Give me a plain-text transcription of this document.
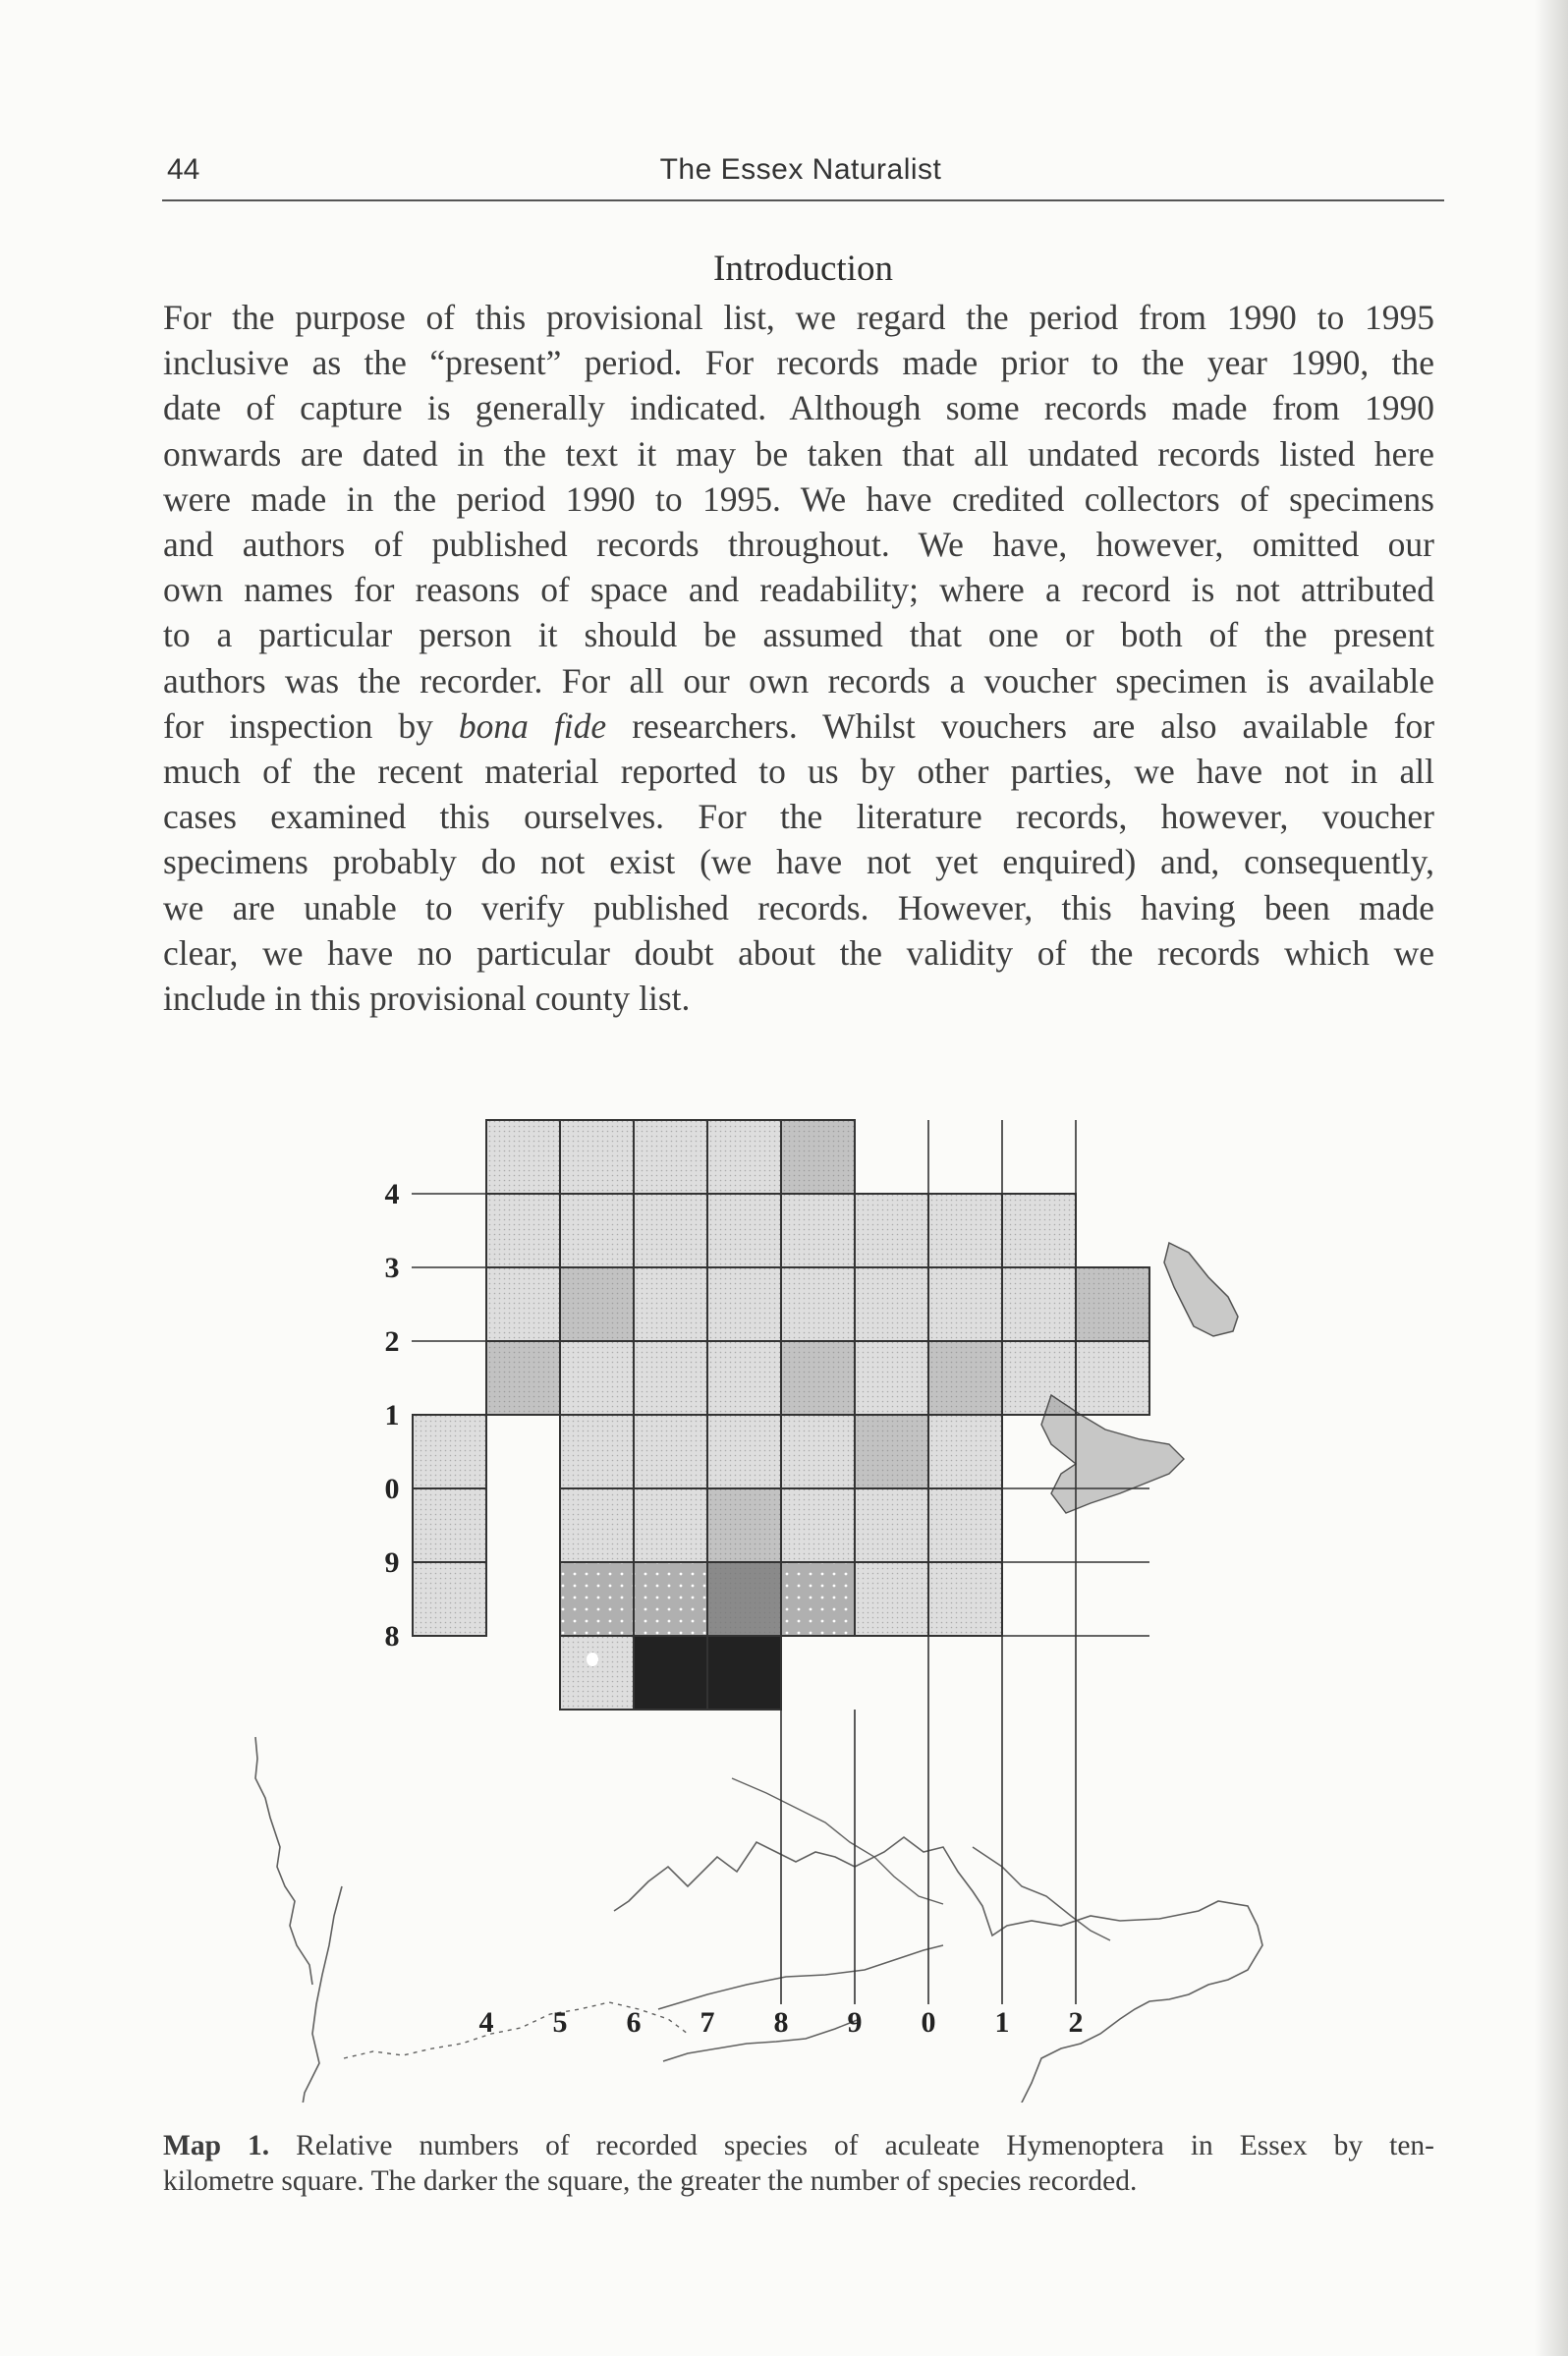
44	The Essex Naturalist
Introduction
For the purpose of this provisional list, we regard the period from 1990 to 1995
inclusive as the “present” period. For records made prior to the year 1990, the
date of capture is generally indicated. Although some records made from 1990
onwards are dated in the text it may be taken that all undated records listed here
were made in the period 1990 to 1995. We have credited collectors of specimens
and authors of published records throughout. We have, however, omitted our
own names for reasons of space and readability; where a record is not attributed
to a particular person it should be assumed that one or both of the present
authors was the recorder. For all our own records a voucher specimen is available
for inspection by bona fide researchers. Whilst vouchers are also available for
much of the recent material reported to us by other parties, we have not in all
cases examined this ourselves. For the literature records, however, voucher
specimens probably do not exist (we have not yet enquired) and, consequently,
we are unable to verify published records. However, this having been made
clear, we have no particular doubt about the validity of the records which we
include in this provisional county list.
4
3
2
1
0
9
8
4 5 6 7 8 9 0 1 2
Map 1. Relative numbers of recorded species of aculeate Hymenoptera in Essex by ten-
kilometre square. The darker the square, the greater the number of species recorded.
